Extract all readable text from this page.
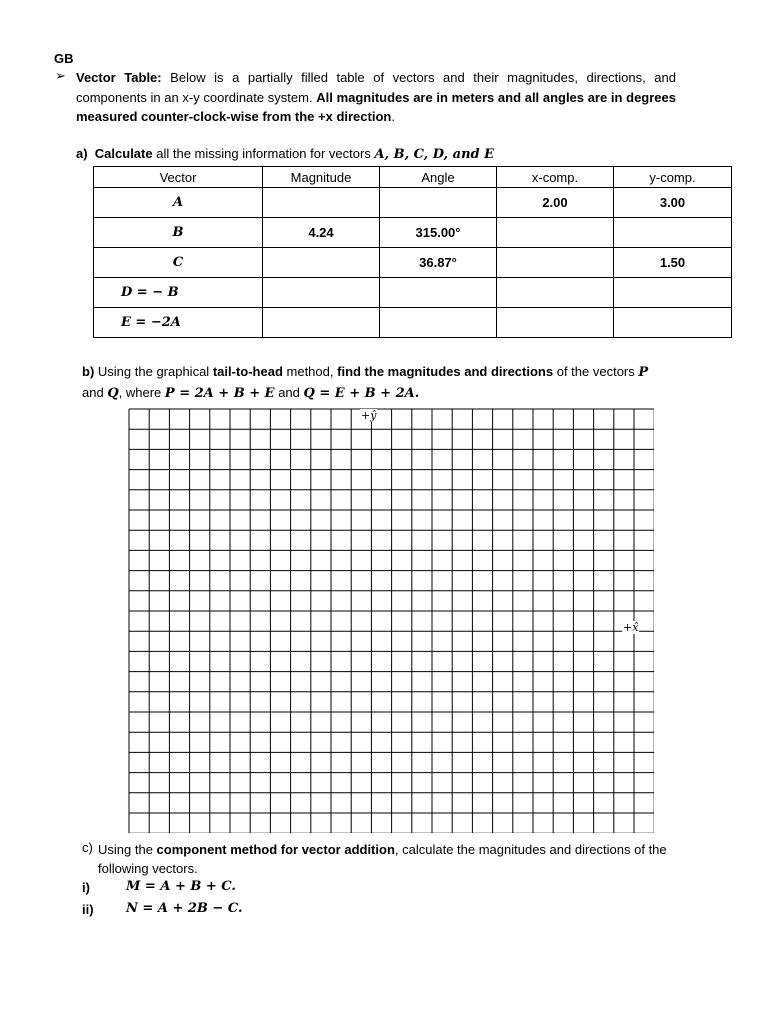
GB
➢ Vector Table: Below is a partially filled table of vectors and their magnitudes, directions, and components in an x-y coordinate system. All magnitudes are in meters and all angles are in degrees measured counter-clock-wise from the +x direction.
a) Calculate all the missing information for vectors A, B, C, D, and E
Vector	Magnitude	Angle	x-comp.	y-comp.
A			2.00	3.00
B	4.24	315.00°		
C		36.87°		1.50
D = − B				
E = −2A				
b) Using the graphical tail-to-head method, find the magnitudes and directions of the vectors P
and Q, where P = 2A + B + E and Q = E + B + 2A.
+ŷ
+x̂
c) Using the component method for vector addition, calculate the magnitudes and directions of the following vectors.
i)	M = A + B + C.
ii) N = A + 2B − C.
